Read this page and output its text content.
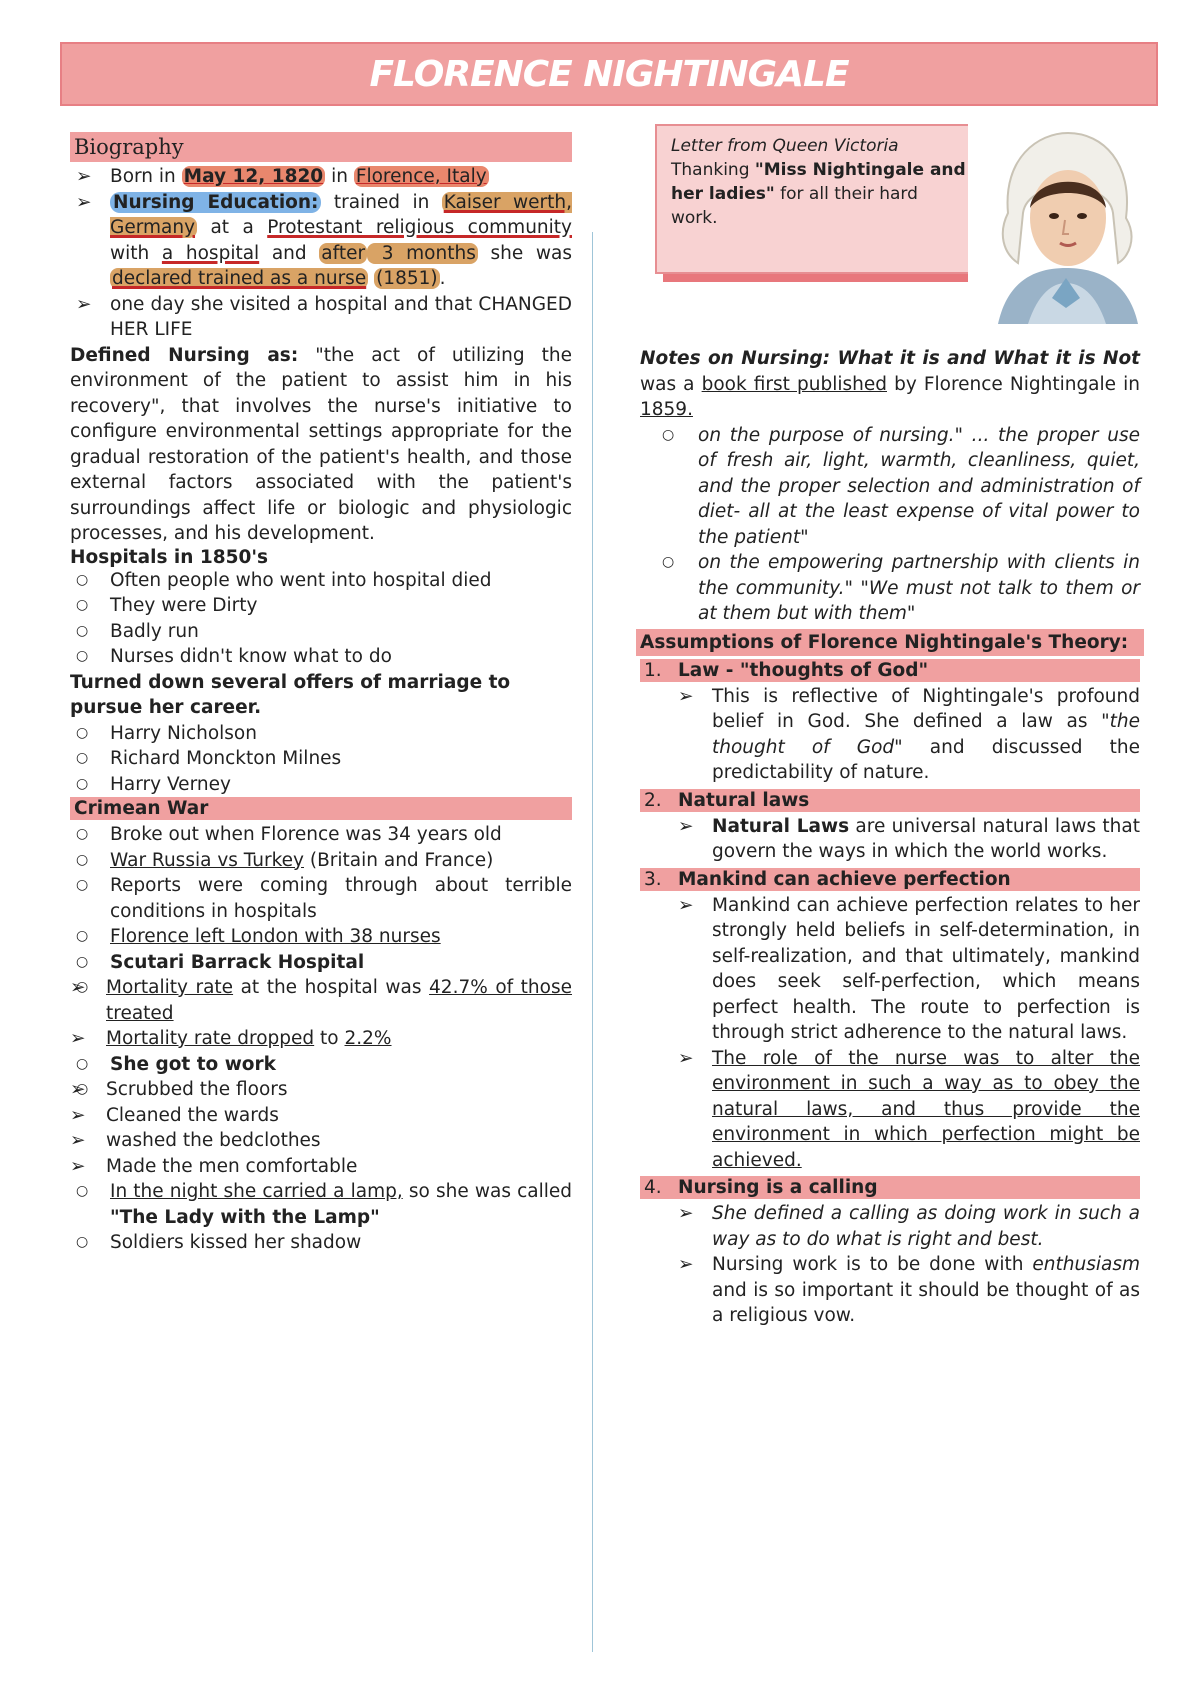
FLORENCE NIGHTINGALE
Biography
➢ Born in May 12, 1820 in Florence, Italy
➢ Nursing Education: trained in Kaiser werth, Germany at a Protestant religious community with a hospital and after 3 months she was declared trained as a nurse (1851) .
➢ one day she visited a hospital and that CHANGED HER LIFE

Defined Nursing as: "the act of utilizing the environment of the patient to assist him in his recovery", that involves the nurse's initiative to configure environmental settings appropriate for the gradual restoration of the patient's health, and those external factors associated with the patient's surroundings affect life or biologic and physiologic processes, and his development.

Hospitals in 1850's
○ Often people who went into hospital died
○ They were Dirty
○ Badly run
○ Nurses didn't know what to do
Turned down several offers of marriage to pursue her career.
○ Harry Nicholson
○ Richard Monckton Milnes
○ Harry Verney
Crimean War
○ Broke out when Florence was 34 years old
○ War Russia vs Turkey (Britain and France)
○ Reports were coming through about terrible conditions in hospitals
○ Florence left London with 38 nurses
○ Scutari Barrack Hospital
➢ ○ Mortality rate at the hospital was 42.7% of those treated
➢ Mortality rate dropped to 2.2%
○ She got to work
➢ ○ Scrubbed the floors
➢ Cleaned the wards
➢ washed the bedclothes
➢ Made the men comfortable
○ In the night she carried a lamp, so she was called "The Lady with the Lamp"
○ Soldiers kissed her shadow
Letter from Queen Victoria
Thanking "Miss Nightingale and her ladies" for all their hard work.

Notes on Nursing: What it is and What it is Not was a book first published by Florence Nightingale in 1859.

○ on the purpose of nursing." ... the proper use of fresh air, light, warmth, cleanliness, quiet, and the proper selection and administration of diet- all at the least expense of vital power to the patient"
○ on the empowering partnership with clients in the community." "We must not talk to them or at them but with them"
Assumptions of Florence Nightingale's Theory:
1. Law - "thoughts of God"
➢ This is reflective of Nightingale's profound belief in God. She defined a law as "the thought of God" and discussed the predictability of nature.
2. Natural laws
➢ Natural Laws are universal natural laws that govern the ways in which the world works.
3. Mankind can achieve perfection
➢ Mankind can achieve perfection relates to her strongly held beliefs in self-determination, in self-realization, and that ultimately, mankind does seek self-perfection, which means perfect health. The route to perfection is through strict adherence to the natural laws.
➢ The role of the nurse was to alter the environment in such a way as to obey the natural laws, and thus provide the environment in which perfection might be achieved.
4. Nursing is a calling
➢ She defined a calling as doing work in such a way as to do what is right and best.
➢ Nursing work is to be done with enthusiasm and is so important it should be thought of as a religious vow.
